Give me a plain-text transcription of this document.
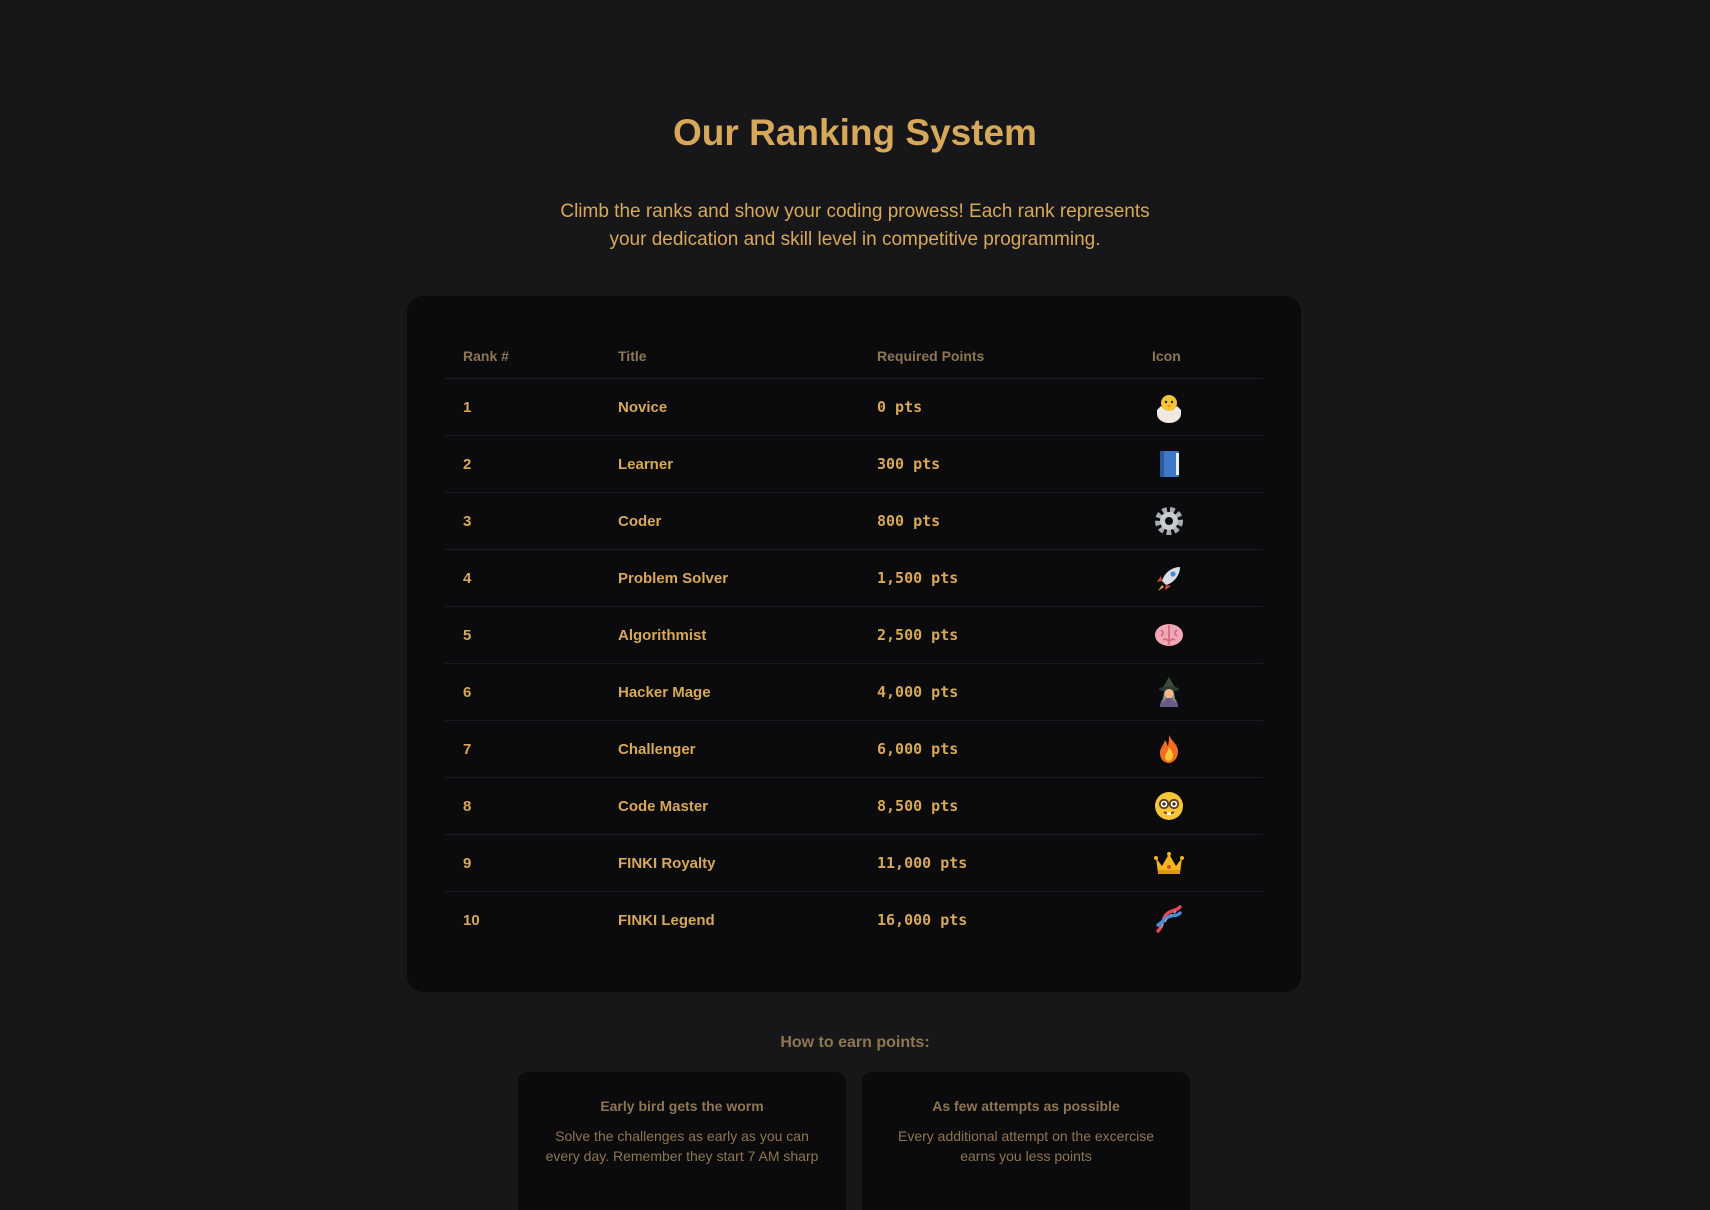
Our Ranking System

Climb the ranks and show your coding prowess! Each rank represents your dedication and skill level in competitive programming.

Rank #	Title	Required Points	Icon
1	Novice	0 pts	

2	Learner	300 pts	

3	Coder	800 pts	

4	Problem Solver	1,500 pts	

5	Algorithmist	2,500 pts	

6	Hacker Mage	4,000 pts	

7	Challenger	6,000 pts	

8	Code Master	8,500 pts	

9	FINKI Royalty	11,000 pts	

10	FINKI Legend	16,000 pts	
How to earn points:
Early bird gets the worm

Solve the challenges as early as you can every day. Remember they start 7 AM sharp

As few attempts as possible

Every additional attempt on the excercise earns you less points
